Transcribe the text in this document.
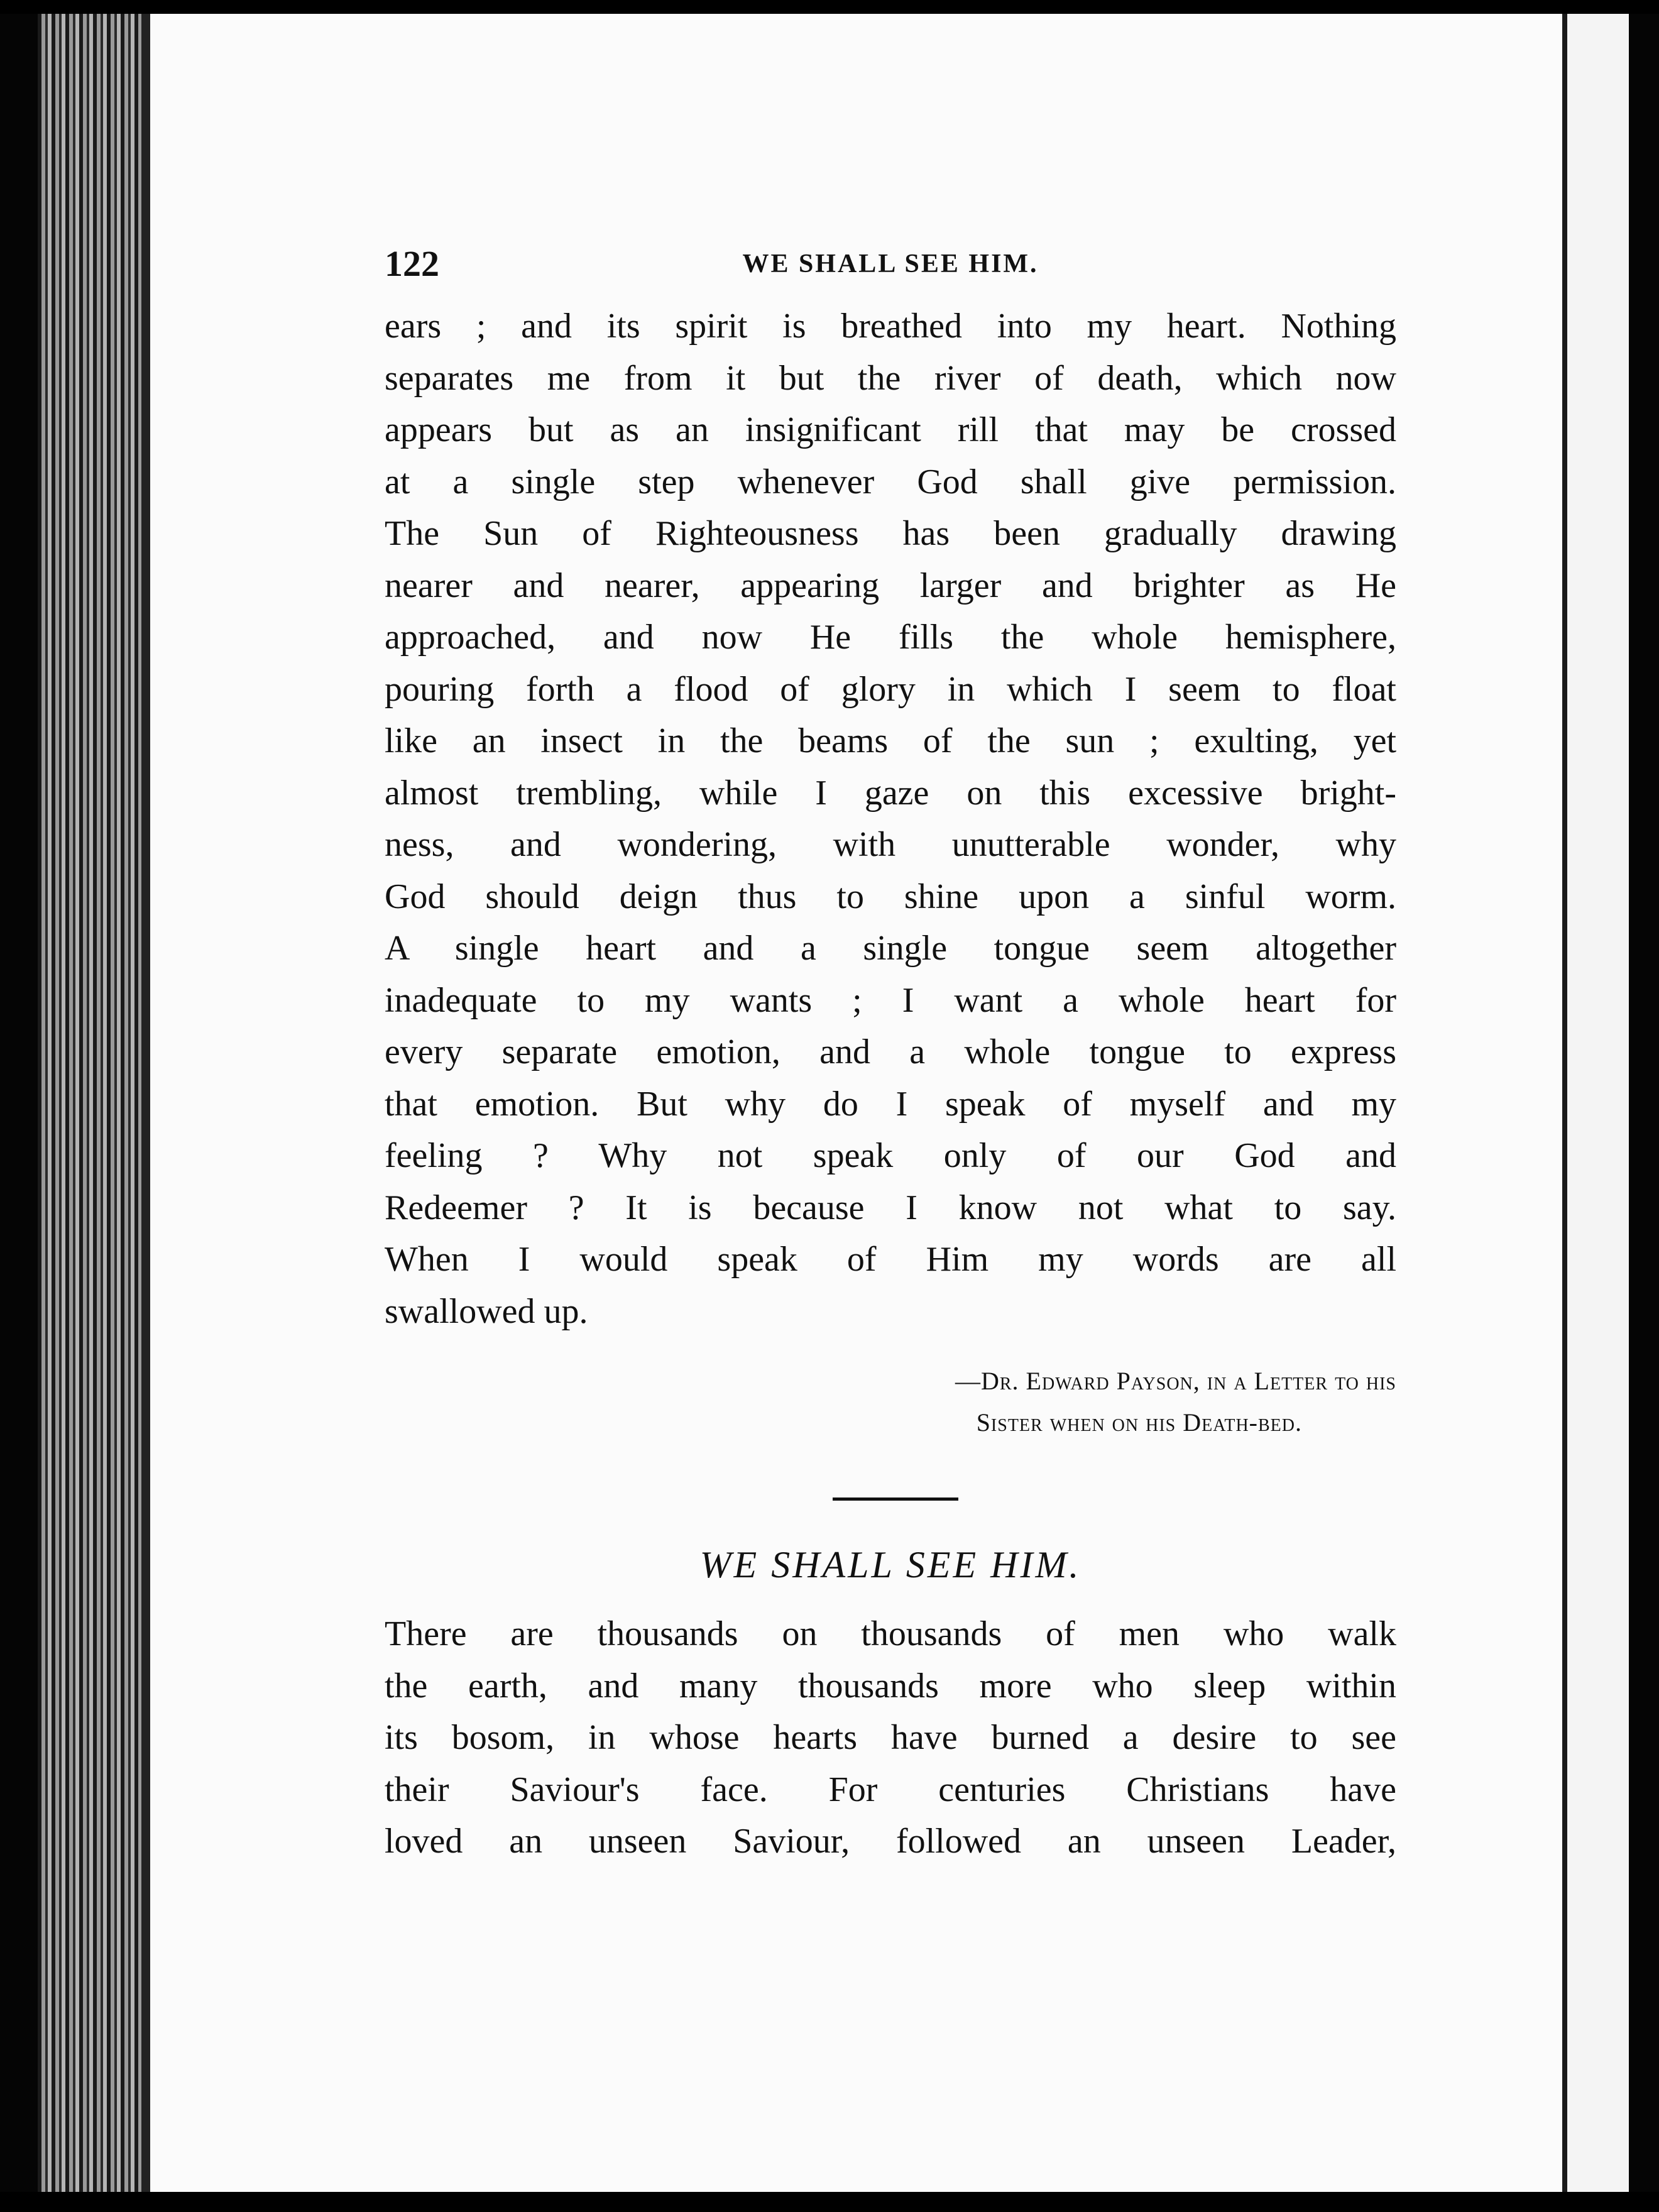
122	WE SHALL SEE HIM.
ears ; and its spirit is breathed into my heart. Nothing
separates me from it but the river of death, which now
appears but as an insignificant rill that may be crossed
at a single step whenever God shall give permission.
The Sun of Righteousness has been gradually drawing
nearer and nearer, appearing larger and brighter as He
approached, and now He fills the whole hemisphere,
pouring forth a flood of glory in which I seem to float
like an insect in the beams of the sun ; exulting, yet
almost trembling, while I gaze on this excessive bright-
ness, and wondering, with unutterable wonder, why
God should deign thus to shine upon a sinful worm.
A single heart and a single tongue seem altogether
inadequate to my wants ; I want a whole heart for
every separate emotion, and a whole tongue to express
that emotion. But why do I speak of myself and my
feeling ? Why not speak only of our God and
Redeemer ? It is because I know not what to say.
When I would speak of Him my words are all
swallowed up.
—Dr. Edward Payson, in a Letter to his
Sister when on his Death-bed.
WE SHALL SEE HIM.
There are thousands on thousands of men who walk
the earth, and many thousands more who sleep within
its bosom, in whose hearts have burned a desire to see
their Saviour's face. For centuries Christians have
loved an unseen Saviour, followed an unseen Leader,
